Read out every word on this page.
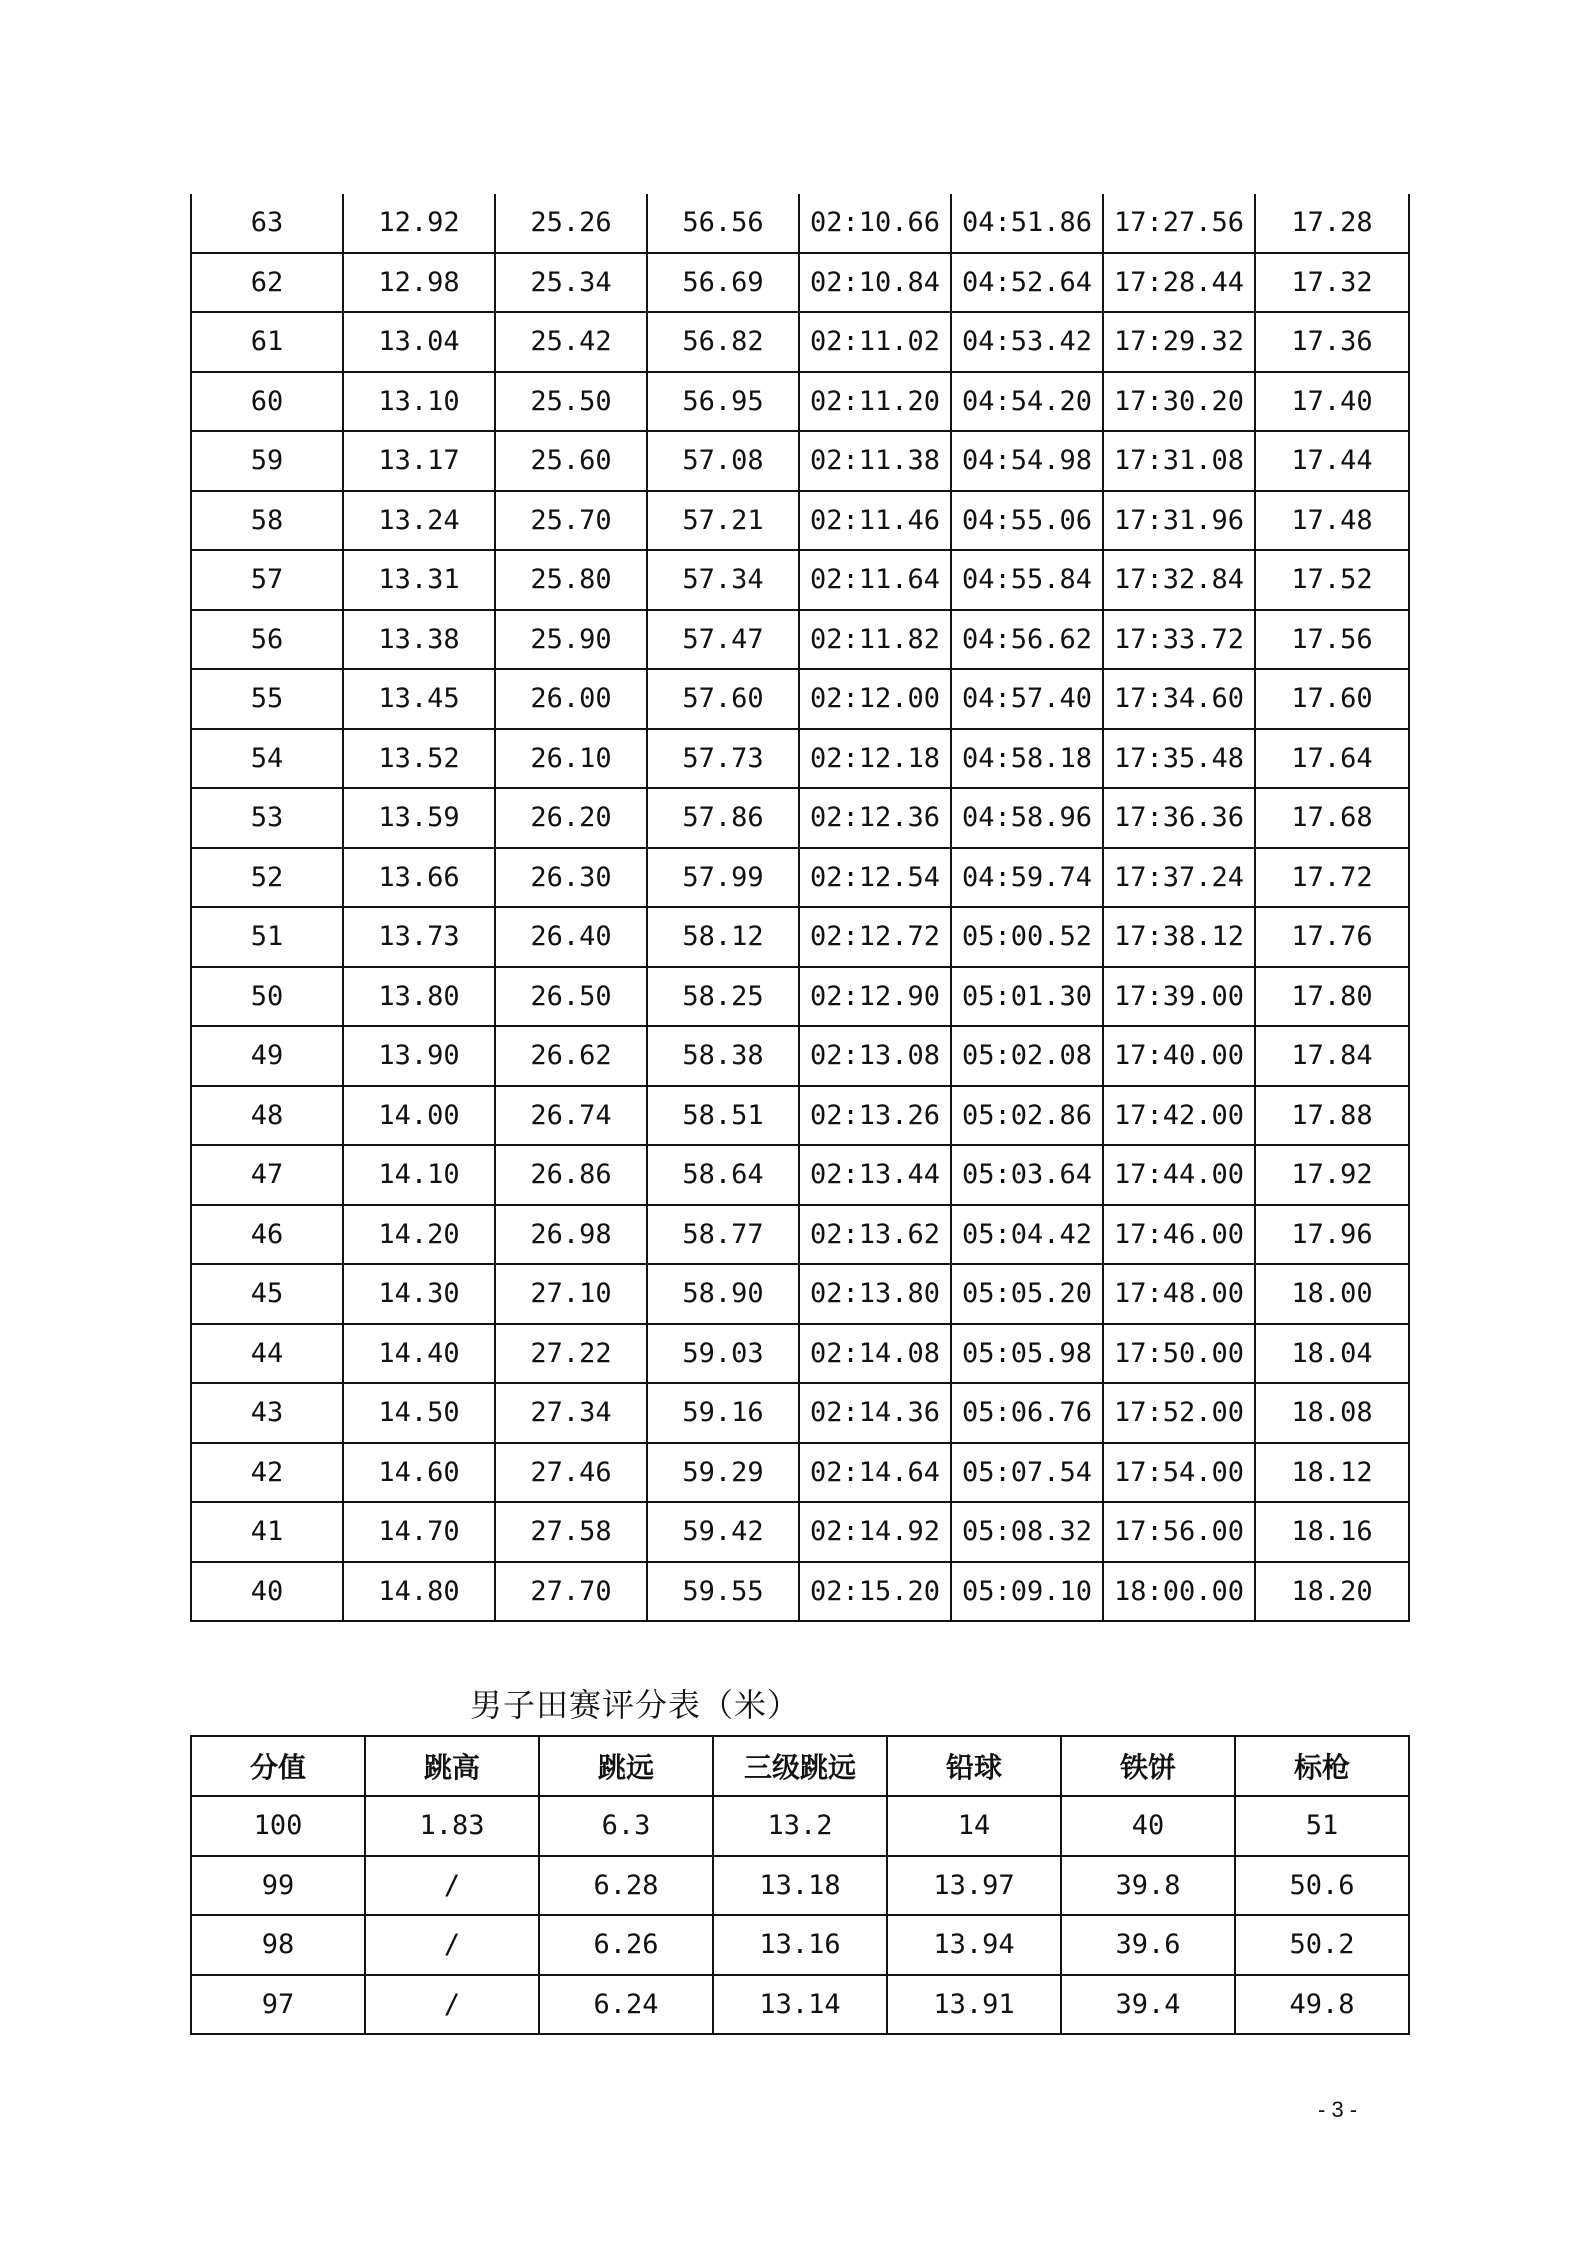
63	12.92	25.26	56.56	02:10.66	04:51.86	17:27.56	17.28
62	12.98	25.34	56.69	02:10.84	04:52.64	17:28.44	17.32
61	13.04	25.42	56.82	02:11.02	04:53.42	17:29.32	17.36
60	13.10	25.50	56.95	02:11.20	04:54.20	17:30.20	17.40
59	13.17	25.60	57.08	02:11.38	04:54.98	17:31.08	17.44
58	13.24	25.70	57.21	02:11.46	04:55.06	17:31.96	17.48
57	13.31	25.80	57.34	02:11.64	04:55.84	17:32.84	17.52
56	13.38	25.90	57.47	02:11.82	04:56.62	17:33.72	17.56
55	13.45	26.00	57.60	02:12.00	04:57.40	17:34.60	17.60
54	13.52	26.10	57.73	02:12.18	04:58.18	17:35.48	17.64
53	13.59	26.20	57.86	02:12.36	04:58.96	17:36.36	17.68
52	13.66	26.30	57.99	02:12.54	04:59.74	17:37.24	17.72
51	13.73	26.40	58.12	02:12.72	05:00.52	17:38.12	17.76
50	13.80	26.50	58.25	02:12.90	05:01.30	17:39.00	17.80
49	13.90	26.62	58.38	02:13.08	05:02.08	17:40.00	17.84
48	14.00	26.74	58.51	02:13.26	05:02.86	17:42.00	17.88
47	14.10	26.86	58.64	02:13.44	05:03.64	17:44.00	17.92
46	14.20	26.98	58.77	02:13.62	05:04.42	17:46.00	17.96
45	14.30	27.10	58.90	02:13.80	05:05.20	17:48.00	18.00
44	14.40	27.22	59.03	02:14.08	05:05.98	17:50.00	18.04
43	14.50	27.34	59.16	02:14.36	05:06.76	17:52.00	18.08
42	14.60	27.46	59.29	02:14.64	05:07.54	17:54.00	18.12
41	14.70	27.58	59.42	02:14.92	05:08.32	17:56.00	18.16
40	14.80	27.70	59.55	02:15.20	05:09.10	18:00.00	18.20
男子田赛评分表（米）
分值	跳高	跳远	三级跳远	铅球	铁饼	标枪
100	1.83	6.3	13.2	14	40	51
99	/	6.28	13.18	13.97	39.8	50.6
98	/	6.26	13.16	13.94	39.6	50.2
97	/	6.24	13.14	13.91	39.4	49.8
- 3 -
